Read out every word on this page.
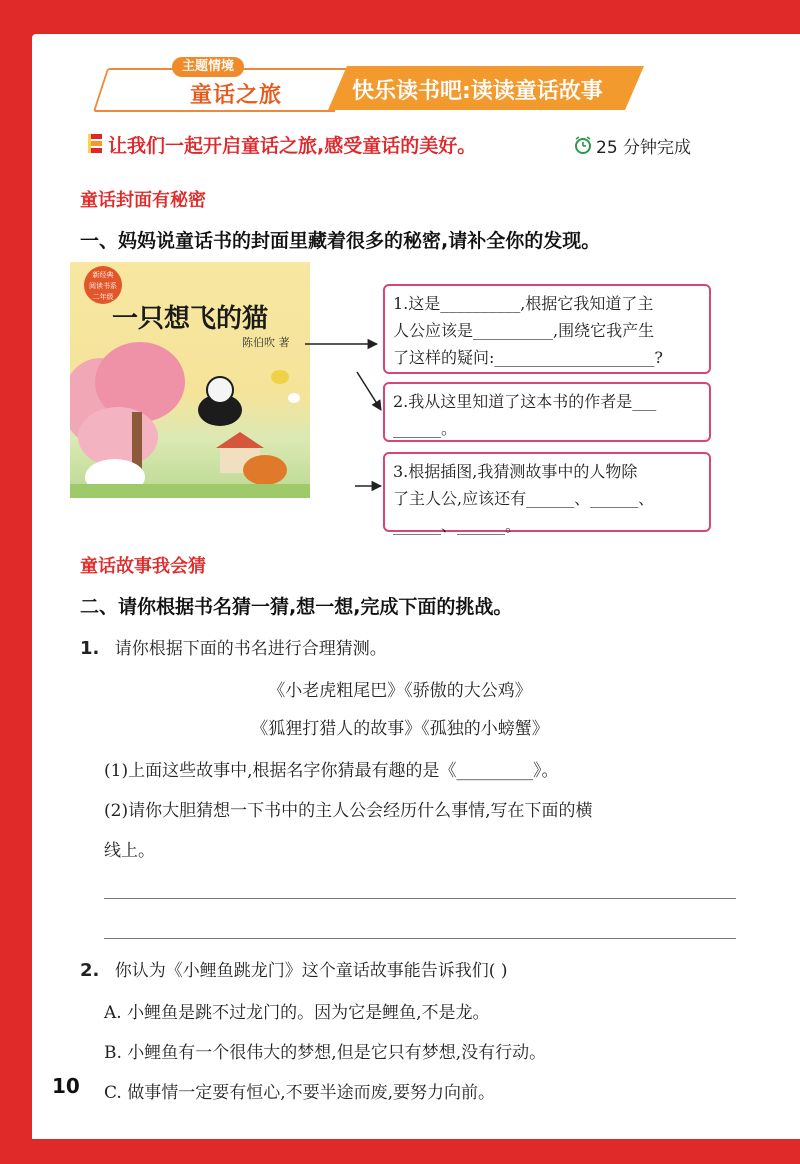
主题情境
童话之旅	快乐读书吧:读读童话故事
让我们一起开启童话之旅,感受童话的美好。	25 分钟完成
童话封面有秘密
一、妈妈说童话书的封面里藏着很多的秘密,请补全你的发现。
新经典
阅读书系
二年级
一只想飞的猫
陈伯吹 著
1.这是__________,根据它我知道了主
人公应该是__________,围绕它我产生
了这样的疑问:____________________?
2.我从这里知道了这本书的作者是___
______。
3.根据插图,我猜测故事中的人物除
了主人公,应该还有______、______、
______、______。
童话故事我会猜
二、请你根据书名猜一猜,想一想,完成下面的挑战。
1. 请你根据下面的书名进行合理猜测。
《小老虎粗尾巴》《骄傲的大公鸡》
《狐狸打猎人的故事》《孤独的小螃蟹》
(1)上面这些故事中,根据名字你猜最有趣的是《_________》。
(2)请你大胆猜想一下书中的主人公会经历什么事情,写在下面的横
线上。
2. 你认为《小鲤鱼跳龙门》这个童话故事能告诉我们( )
A. 小鲤鱼是跳不过龙门的。因为它是鲤鱼,不是龙。
B. 小鲤鱼有一个很伟大的梦想,但是它只有梦想,没有行动。
C. 做事情一定要有恒心,不要半途而废,要努力向前。
10
